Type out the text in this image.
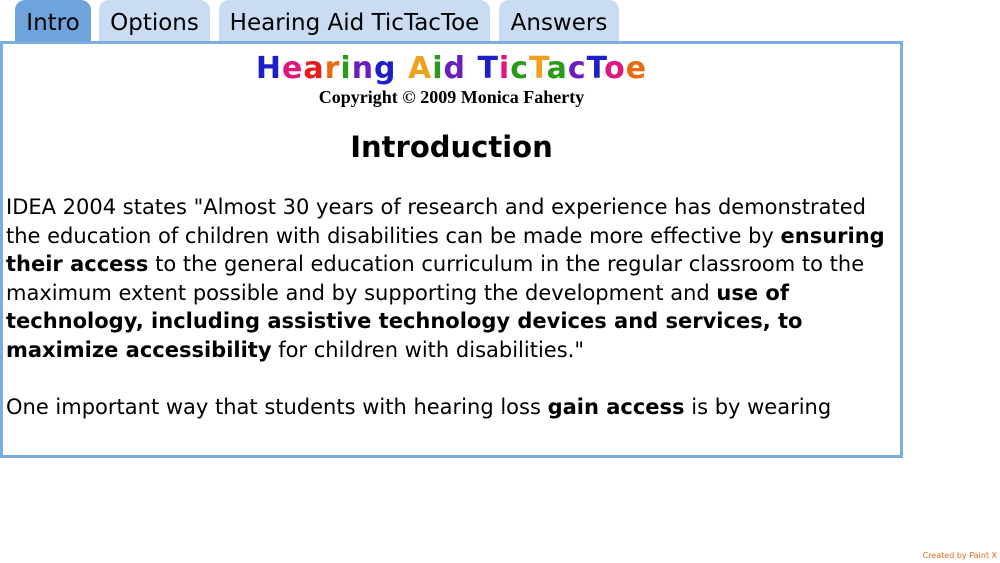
Intro	Options	Hearing Aid TicTacToe	Answers
Hearing Aid TicTacToe
Copyright © 2009 Monica Faherty
Introduction

IDEA 2004 states "Almost 30 years of research and experience has demonstrated the education of children with disabilities can be made more effective by ensuring their access to the general education curriculum in the regular classroom to the maximum extent possible and by supporting the development and use of technology, including assistive technology devices and services, to maximize accessibility for children with disabilities."

One important way that students with hearing loss gain access is by wearing

Created by Paint X
